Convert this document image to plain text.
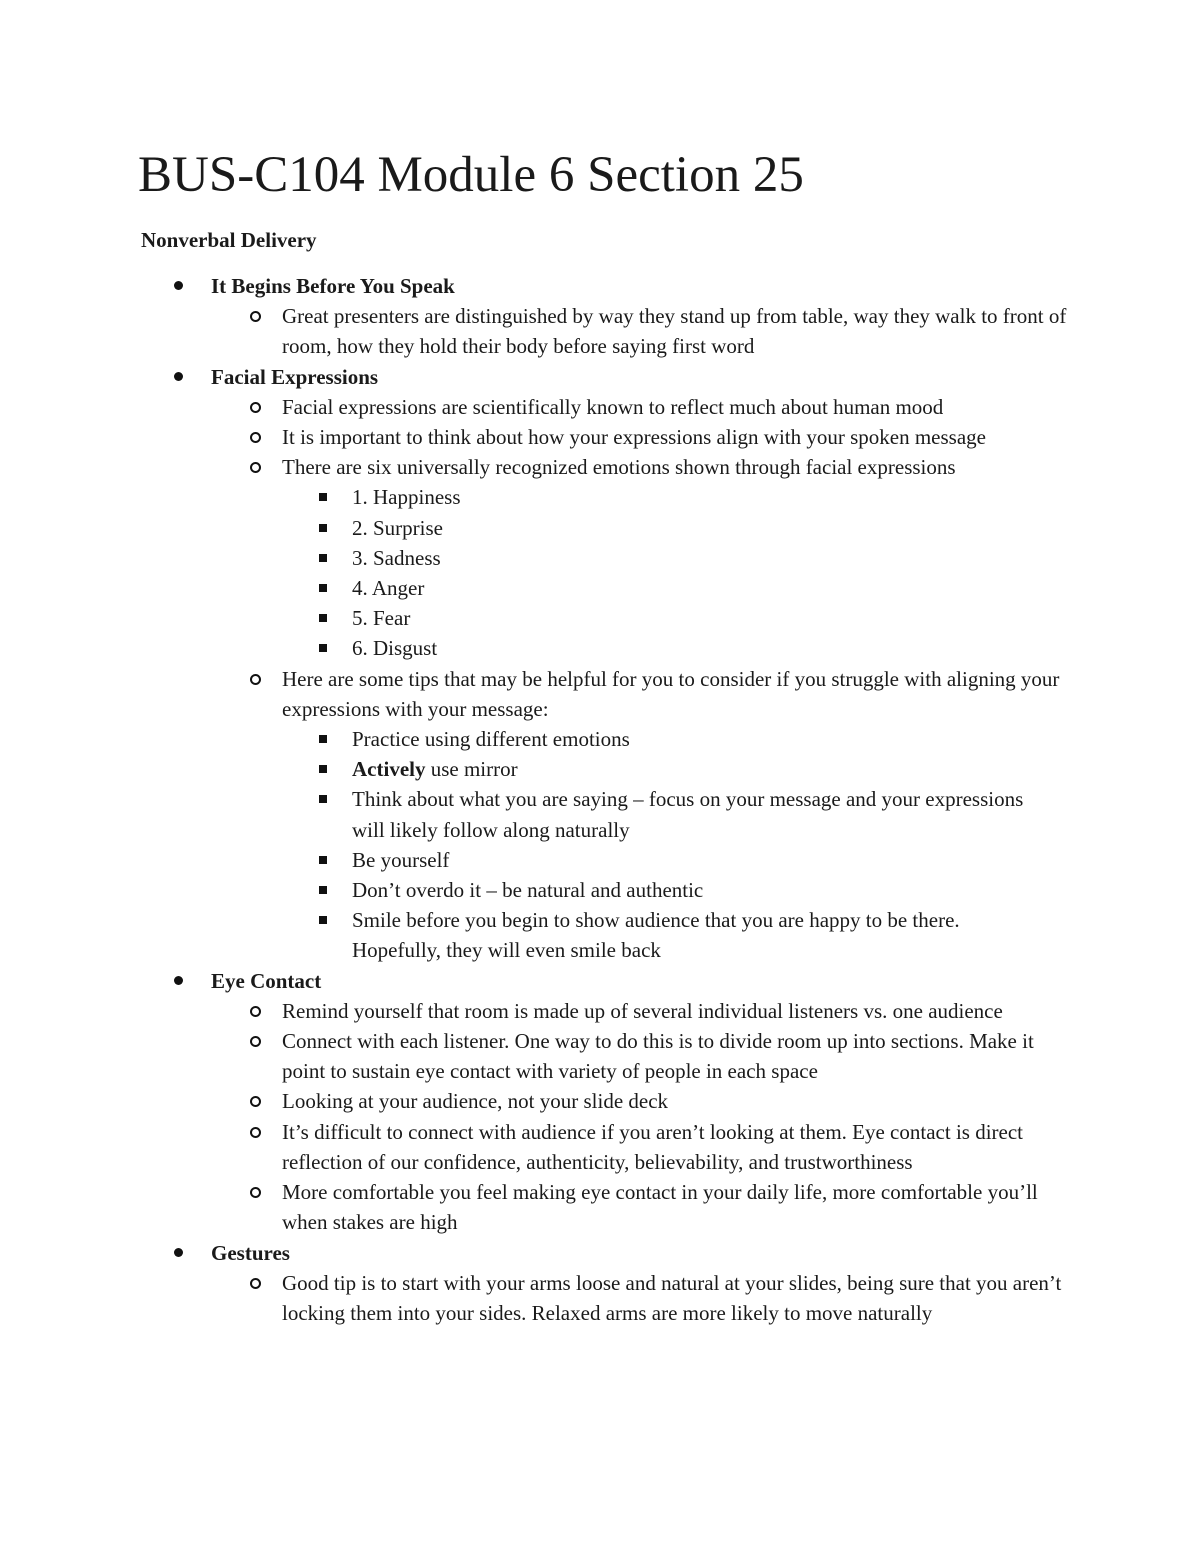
BUS-C104 Module 6 Section 25
Nonverbal Delivery
It Begins Before You Speak
Great presenters are distinguished by way they stand up from table, way they walk to front of room, how they hold their body before saying first word
Facial Expressions
Facial expressions are scientifically known to reflect much about human mood
It is important to think about how your expressions align with your spoken message
There are six universally recognized emotions shown through facial expressions
1. Happiness
2. Surprise
3. Sadness
4. Anger
5. Fear
6. Disgust
Here are some tips that may be helpful for you to consider if you struggle with aligning your expressions with your message:
Practice using different emotions
Actively use mirror
Think about what you are saying – focus on your message and your expressions will likely follow along naturally
Be yourself
Don’t overdo it – be natural and authentic
Smile before you begin to show audience that you are happy to be there. Hopefully, they will even smile back
Eye Contact
Remind yourself that room is made up of several individual listeners vs. one audience
Connect with each listener. One way to do this is to divide room up into sections. Make it point to sustain eye contact with variety of people in each space
Looking at your audience, not your slide deck
It’s difficult to connect with audience if you aren’t looking at them. Eye contact is direct reflection of our confidence, authenticity, believability, and trustworthiness
More comfortable you feel making eye contact in your daily life, more comfortable you’ll when stakes are high
Gestures
Good tip is to start with your arms loose and natural at your slides, being sure that you aren’t locking them into your sides. Relaxed arms are more likely to move naturally
